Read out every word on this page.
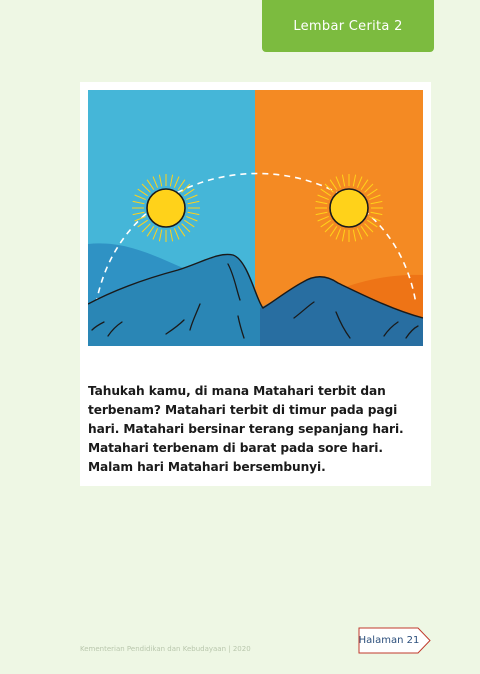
Lembar Cerita 2

Tahukah kamu, di mana Matahari terbit dan terbenam? Matahari terbit di timur pada pagi hari. Matahari bersinar terang sepanjang hari. Matahari terbenam di barat pada sore hari. Malam hari Matahari bersembunyi.

Kementerian Pendidikan dan Kebudayaan | 2020
Halaman 21
